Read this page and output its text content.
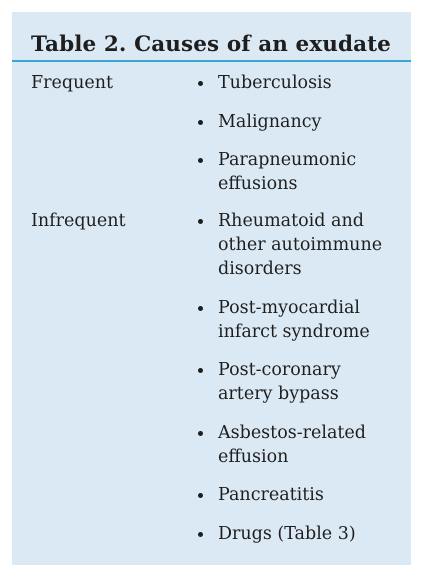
Table 2. Causes of an exudate
Frequent	Tuberculosis
Malignancy
Parapneumonic
effusions
Infrequent	Rheumatoid and
other autoimmune
disorders
Post-myocardial
infarct syndrome
Post-coronary
artery bypass
Asbestos-related
effusion
Pancreatitis
Drugs (Table 3)
